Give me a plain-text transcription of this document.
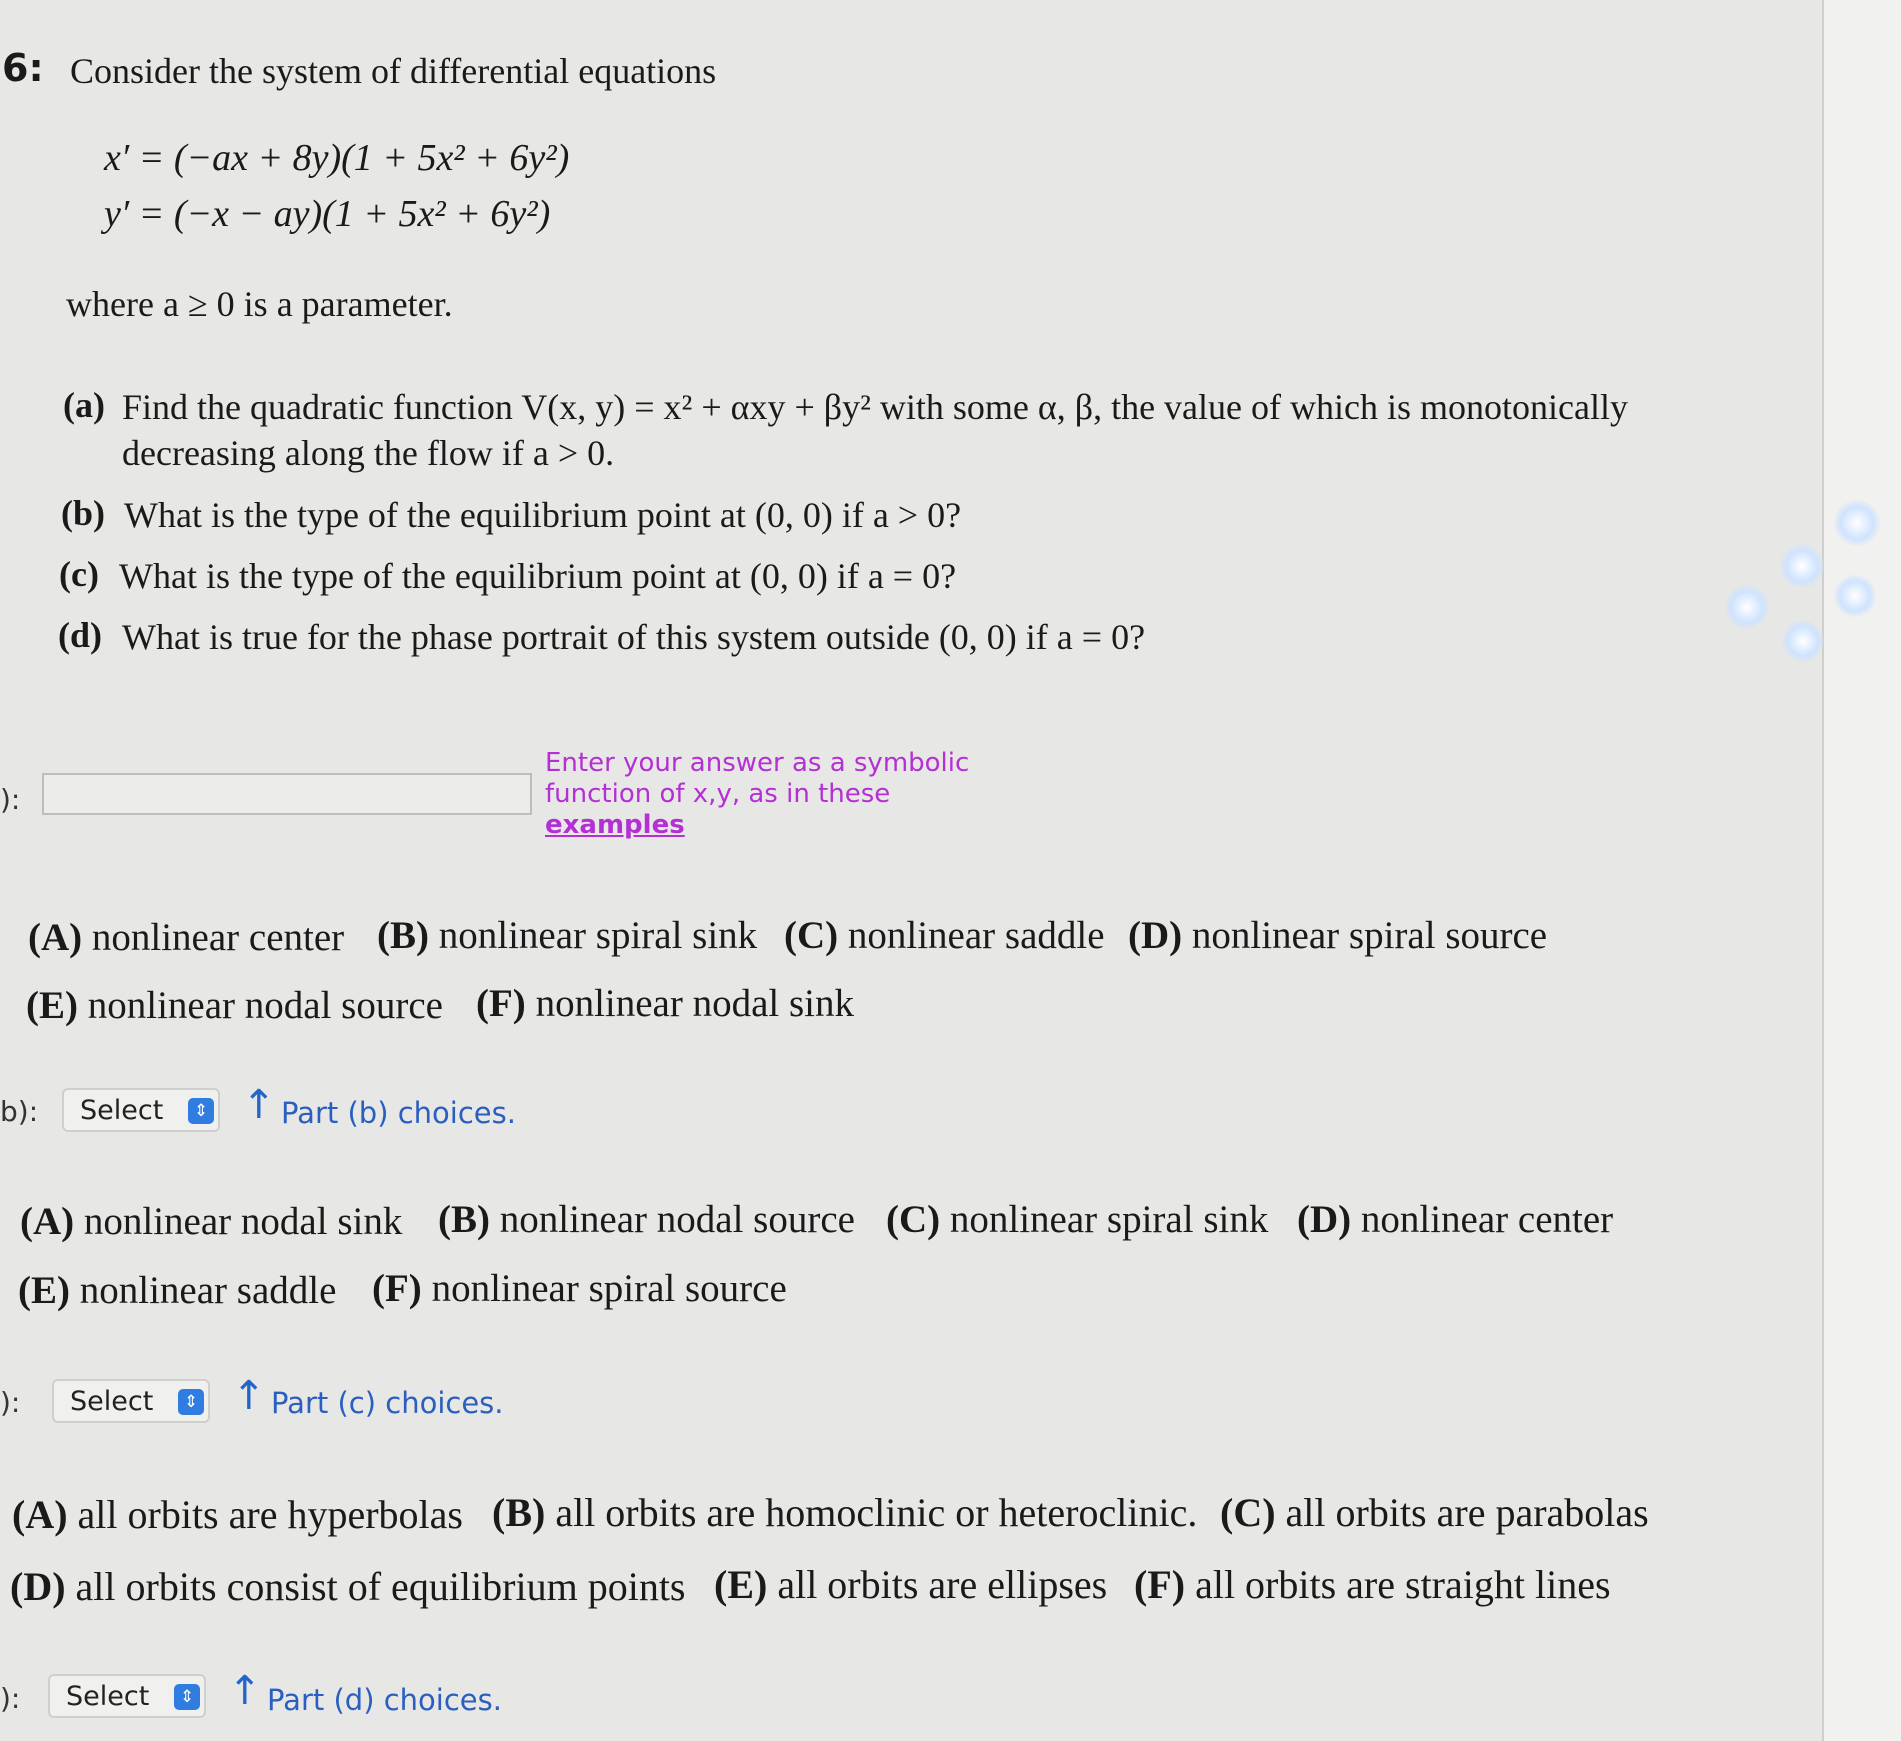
6: Consider the system of differential equations
x′ = (−ax + 8y)(1 + 5x² + 6y²)
y′ = (−x − ay)(1 + 5x² + 6y²)
where a ≥ 0 is a parameter.
(a) Find the quadratic function V(x, y) = x² + αxy + βy² with some α, β, the value of which is monotonically
decreasing along the flow if a > 0.
(b) What is the type of the equilibrium point at (0, 0) if a > 0?
(c) What is the type of the equilibrium point at (0, 0) if a = 0?
(d) What is true for the phase portrait of this system outside (0, 0) if a = 0?
):
Enter your answer as a symbolic
function of x,y, as in these
examples
(A) nonlinear center (B) nonlinear spiral sink (C) nonlinear saddle (D) nonlinear spiral source
(E) nonlinear nodal source (F) nonlinear nodal sink
b): Select	⇕ ↑ Part (b) choices.
(A) nonlinear nodal sink (B) nonlinear nodal source (C) nonlinear spiral sink (D) nonlinear center
(E) nonlinear saddle (F) nonlinear spiral source
): Select	⇕ ↑ Part (c) choices.
(A) all orbits are hyperbolas (B) all orbits are homoclinic or heteroclinic. (C) all orbits are parabolas
(D) all orbits consist of equilibrium points (E) all orbits are ellipses (F) all orbits are straight lines
): Select	⇕ ↑ Part (d) choices.
